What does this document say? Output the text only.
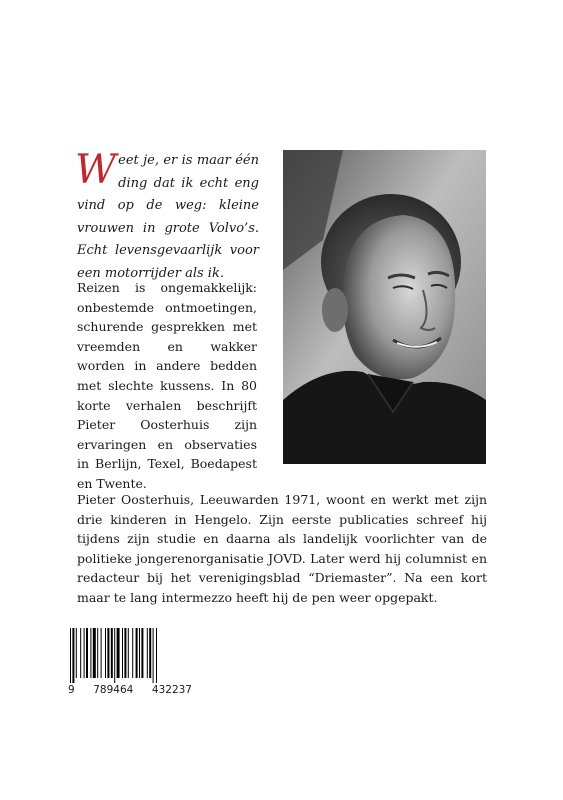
Weet je, er is maar één ding dat ik echt eng vind op de weg: kleine vrouwen in grote Volvo’s. Echt levensgevaarlijk voor een motorrijder als ik.

Reizen is ongemakkelijk: onbestemde ontmoetingen, schurende gesprekken met vreemden en wakker worden in andere bedden met slechte kussens. In 80 korte verhalen beschrijft Pieter Oosterhuis zijn ervaringen en observaties in Berlijn, Texel, Boedapest en Twente.

Pieter Oosterhuis, Leeuwarden 1971, woont en werkt met zijn drie kinderen in Hengelo. Zijn eerste publicaties schreef hij tijdens zijn studie en daarna als landelijk voorlichter van de politieke jongerenorganisatie JOVD. Later werd hij columnist en redacteur bij het verenigingsblad “Driemaster”. Na een kort maar te lang intermezzo heeft hij de pen weer opgepakt.

9 789464 432237
